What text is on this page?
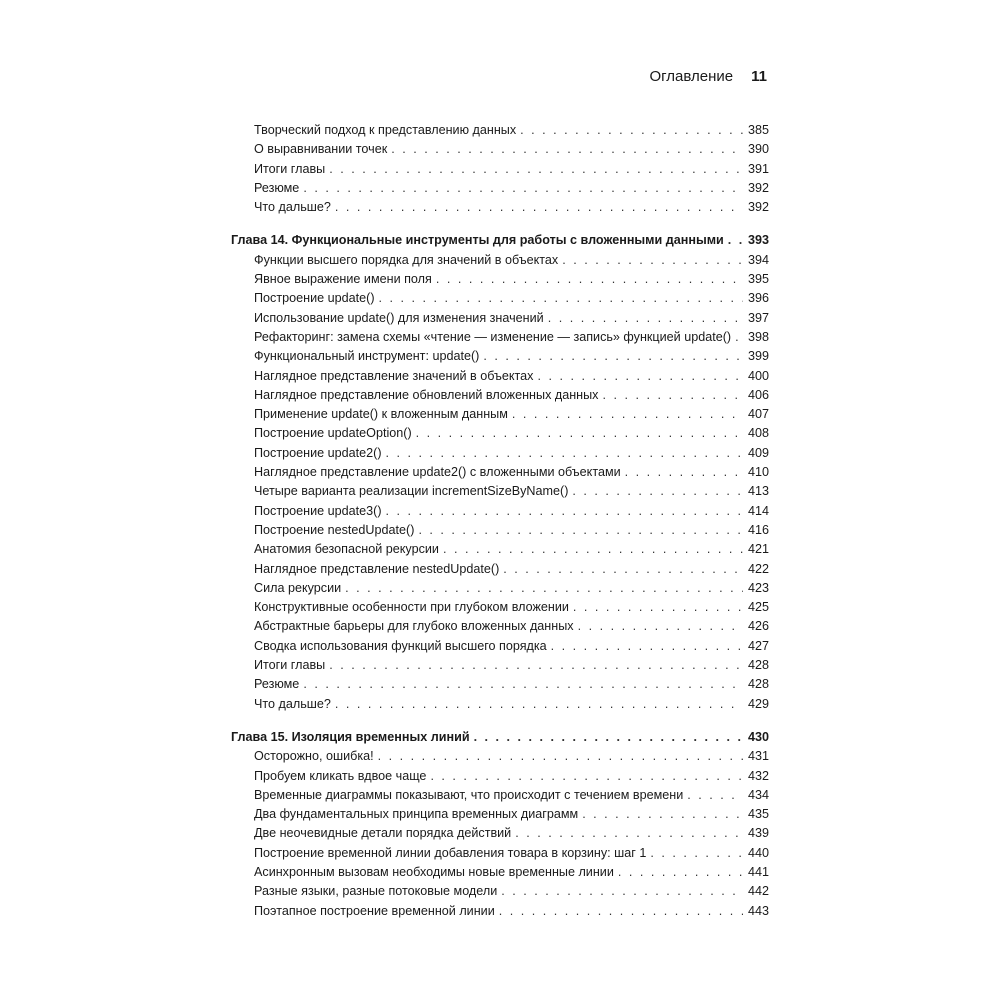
Оглавление 11
Творческий подход к представлению данных . . .	385
О выравнивании точек . . .	390
Итоги главы . . .	391
Резюме . . .	392
Что дальше? . . .	392
Глава 14. Функциональные инструменты для работы с вложенными данными . . . 393
Функции высшего порядка для значений в объектах . . .	394
Явное выражение имени поля . . .	395
Построение update() . . .	396
Использование update() для изменения значений . . .	397
Рефакторинг: замена схемы «чтение — изменение — запись» функцией update() . . . 398
Функциональный инструмент: update() . . .	399
Наглядное представление значений в объектах . . .	400
Наглядное представление обновлений вложенных данных . . .	406
Применение update() к вложенным данным . . .	407
Построение updateOption() . . .	408
Построение update2() . . .	409
Наглядное представление update2() с вложенными объектами . . .	410
Четыре варианта реализации incrementSizeByName() . . .	413
Построение update3() . . .	414
Построение nestedUpdate() . . .	416
Анатомия безопасной рекурсии . . .	421
Наглядное представление nestedUpdate() . . .	422
Сила рекурсии . . .	423
Конструктивные особенности при глубоком вложении . . .	425
Абстрактные барьеры для глубоко вложенных данных . . .	426
Сводка использования функций высшего порядка . . .	427
Итоги главы . . .	428
Резюме . . .	428
Что дальше? . . .	429
Глава 15. Изоляция временных линий . . .	430
Осторожно, ошибка! . . .	431
Пробуем кликать вдвое чаще . . .	432
Временные диаграммы показывают, что происходит с течением времени . . .	434
Два фундаментальных принципа временных диаграмм . . .	435
Две неочевидные детали порядка действий . . .	439
Построение временной линии добавления товара в корзину: шаг 1 . . .	440
Асинхронным вызовам необходимы новые временные линии . . .	441
Разные языки, разные потоковые модели . . .	442
Поэтапное построение временной линии . . .	443
